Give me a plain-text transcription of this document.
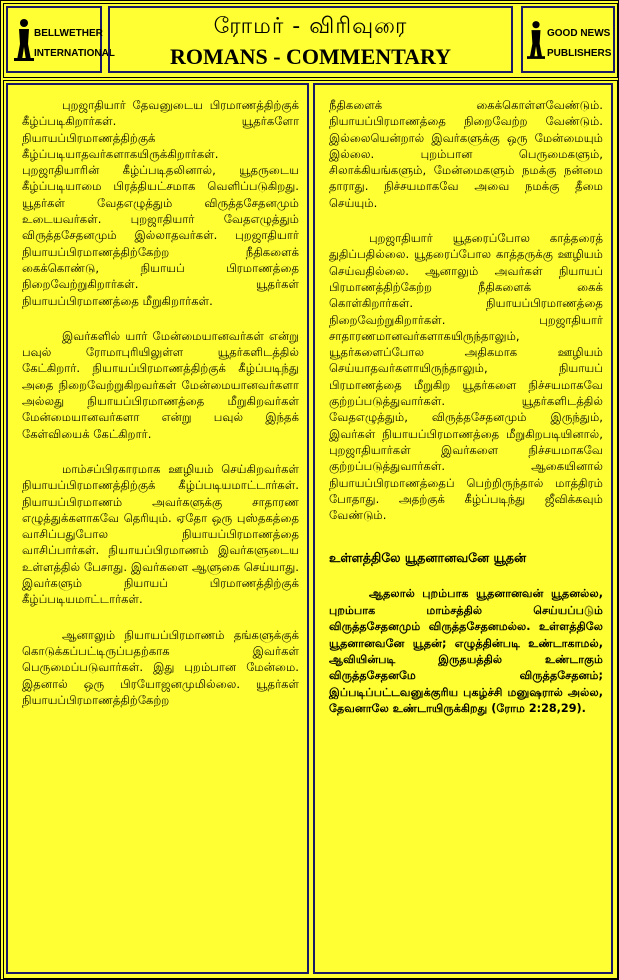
BELLWETHER
INTERNATIONAL
ரோமர் - விரிவுரை
ROMANS - COMMENTARY
GOOD NEWS
PUBLISHERS

புறஜாதியார் தேவனுடைய பிரமாணத்திற்குக் கீழ்ப்படிகிறார்கள். யூதர்களோ நியாயப்பிரமாணத்திற்குக் கீழ்ப்படியாதவர்களாகயிருக்கிறார்கள். புறஜாதியாரின் கீழ்ப்படிதலினால், யூதருடைய கீழ்ப்படியாமை பிரத்தியட்சமாக வெளிப்படுகிறது. யூதர்கள் வேதஎழுத்தும் விருத்தசேதனமும் உடையவர்கள். புறஜாதியார் வேதஎழுத்தும் விருத்தசேதனமும் இல்லாதவர்கள். புறஜாதியார் நியாயப்பிரமாணத்திற்கேற்ற நீதிகளைக் கைக்கொண்டு, நியாயப் பிரமாணத்தை நிறைவேற்றுகிறார்கள். யூதர்கள் நியாயப்பிரமாணத்தை மீறுகிறார்கள்.

இவர்களில் யார் மேன்மையானவர்கள் என்று பவுல் ரோமாபுரியிலுள்ள யூதர்களிடத்தில் கேட்கிறார். நியாயப்பிரமாணத்திற்குக் கீழ்ப்படிந்து அதை நிறைவேற்றுகிறவர்கள் மேன்மையானவர்களா அல்லது நியாயப்பிரமாணத்தை மீறுகிறவர்கள் மேன்மையானவர்களா என்று பவுல் இந்தக் கேள்வியைக் கேட்கிறார்.

மாம்சப்பிரகாரமாக ஊழியம் செய்கிறவர்கள் நியாயப்பிரமாணத்திற்குக் கீழ்ப்படியமாட்டார்கள். நியாயப்பிரமாணம் அவர்களுக்கு சாதாரண எழுத்துக்களாகவே தெரியும். ஏதோ ஒரு புஸ்தகத்தை வாசிப்பதுபோல நியாயப்பிரமாணத்தை வாசிப்பார்கள். நியாயப்பிரமாணம் இவர்களுடைய உள்ளத்தில் பேசாது. இவர்களை ஆளுகை செய்யாது. இவர்களும் நியாயப் பிரமாணத்திற்குக் கீழ்ப்படியமாட்டார்கள்.

ஆனாலும் நியாயப்பிரமாணம் தங்களுக்குக் கொடுக்கப்பட்டிருப்பதற்காக இவர்கள் பெருமைப்படுவார்கள். இது புறம்பான மேன்மை. இதனால் ஒரு பிரயோஜனமுமில்லை. யூதர்கள் நியாயப்பிரமாணத்திற்கேற்ற

நீதிகளைக் கைக்கொள்ளவேண்டும். நியாயப்பிரமாணத்தை நிறைவேற்ற வேண்டும். இல்லையென்றால் இவர்களுக்கு ஒரு மேன்மையும் இல்லை. புறம்பான பெருமைகளும், சிலாக்கியங்களும், மேன்மைகளும் நமக்கு நன்மை தாராது. நிச்சயமாகவே அவை நமக்கு தீமை செய்யும்.

புறஜாதியார் யூதரைப்போல காத்தரைத் துதிப்பதில்லை. யூதரைப்போல காத்தருக்கு ஊழியம் செய்வதில்லை. ஆனாலும் அவர்கள் நியாயப் பிரமாணத்திற்கேற்ற நீதிகளைக் கைக் கொள்கிறார்கள். நியாயப்பிரமாணத்தை நிறைவேற்றுகிறார்கள். புறஜாதியார் சாதாரணமானவர்களாகயிருந்தாலும், யூதர்களைப்போல அதிகமாக ஊழியம் செய்யாதவர்களாயிருந்தாலும், நியாயப் பிரமாணத்தை மீறுகிற யூதர்களை நிச்சயமாகவே குற்றப்படுத்துவார்கள். யூதர்களிடத்தில் வேதஎழுத்தும், விருத்தசேதனமும் இருந்தும், இவர்கள் நியாயப்பிரமாணத்தை மீறுகிறபடியினால், புறஜாதியார்கள் இவர்களை நிச்சயமாகவே குற்றப்படுத்துவார்கள். ஆகையினால் நியாயப்பிரமாணத்தைப் பெற்றிருந்தால் மாத்திரம் போதாது. அதற்குக் கீழ்ப்படிந்து ஜீவிக்கவும் வேண்டும்.

உள்ளத்திலே யூதனானவனே யூதன்

ஆதலால் புறம்பாக யூதனானவன் யூதனல்ல, புறம்பாக மாம்சத்தில் செய்யப்படும் விருத்தசேதனமும் விருத்தசேதனமல்ல. உள்ளத்திலே யூதனானவனே யூதன்; எழுத்தின்படி உண்டாகாமல், ஆவியின்படி இருதயத்தில் உண்டாகும் விருத்தசேதனமே விருத்தசேதனம்; இப்படிப்பட்டவனுக்குரிய புகழ்ச்சி மனுஷரால் அல்ல, தேவனாலே உண்டாயிருக்கிறது (ரோம 2:28,29).
